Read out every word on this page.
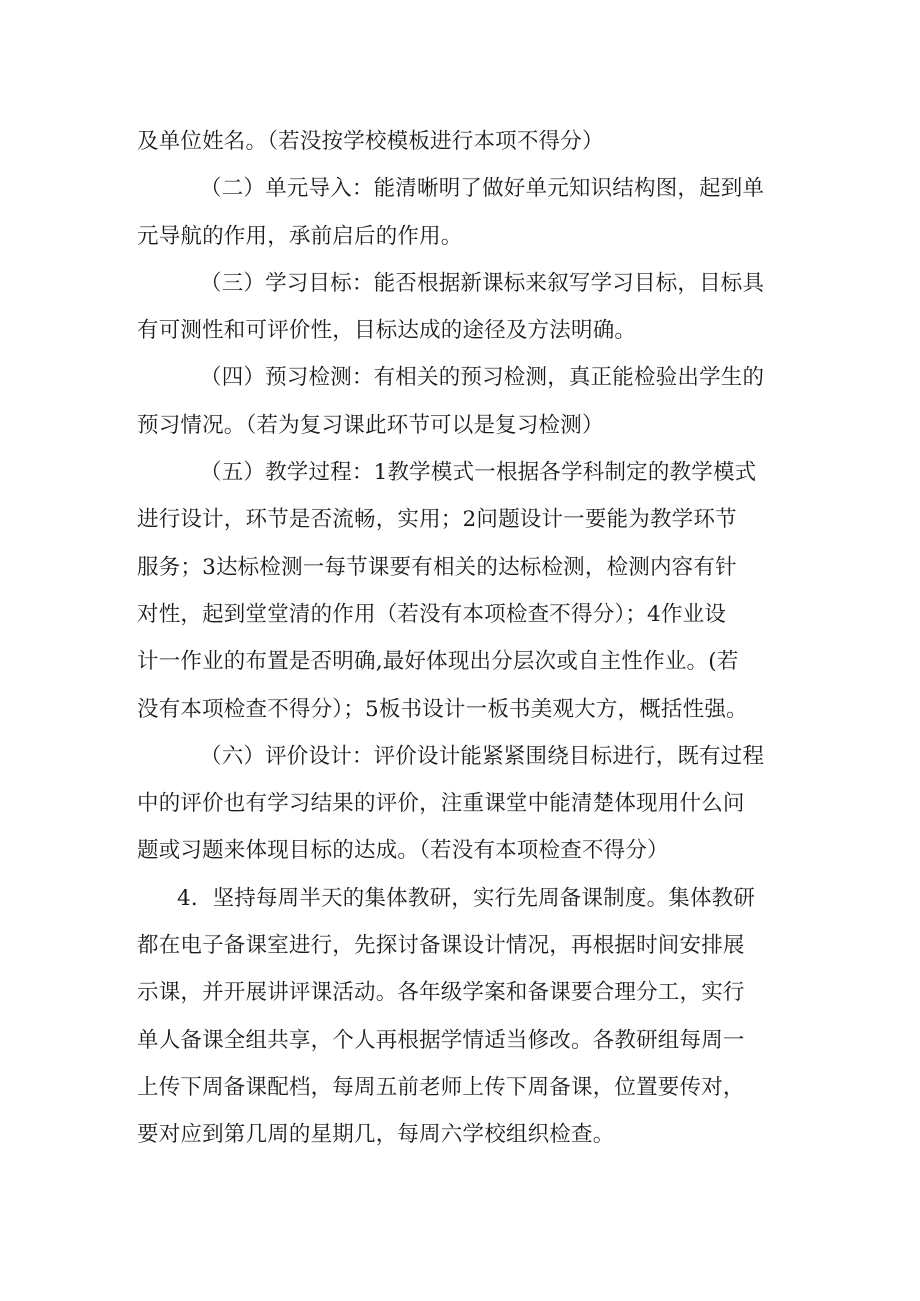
及单位姓名。（若没按学校模板进行本项不得分）
（二）单元导入：能清晰明了做好单元知识结构图，起到单
元导航的作用，承前启后的作用。
（三）学习目标：能否根据新课标来叙写学习目标，目标具
有可测性和可评价性，目标达成的途径及方法明确。
（四）预习检测：有相关的预习检测，真正能检验出学生的
预习情况。（若为复习课此环节可以是复习检测）
（五）教学过程：1教学模式一根据各学科制定的教学模式
进行设计，环节是否流畅，实用；2问题设计一要能为教学环节
服务；3达标检测一每节课要有相关的达标检测，检测内容有针
对性，起到堂堂清的作用（若没有本项检查不得分）；4作业设
计一作业的布置是否明确,最好体现出分层次或自主性作业。(若
没有本项检查不得分）；5板书设计一板书美观大方，概括性强。
（六）评价设计：评价设计能紧紧围绕目标进行，既有过程
中的评价也有学习结果的评价，注重课堂中能清楚体现用什么问
题或习题来体现目标的达成。（若没有本项检查不得分）
4．坚持每周半天的集体教研，实行先周备课制度。集体教研
都在电子备课室进行，先探讨备课设计情况，再根据时间安排展
示课，并开展讲评课活动。各年级学案和备课要合理分工，实行
单人备课全组共享，个人再根据学情适当修改。各教研组每周一
上传下周备课配档，每周五前老师上传下周备课，位置要传对，
要对应到第几周的星期几，每周六学校组织检查。
